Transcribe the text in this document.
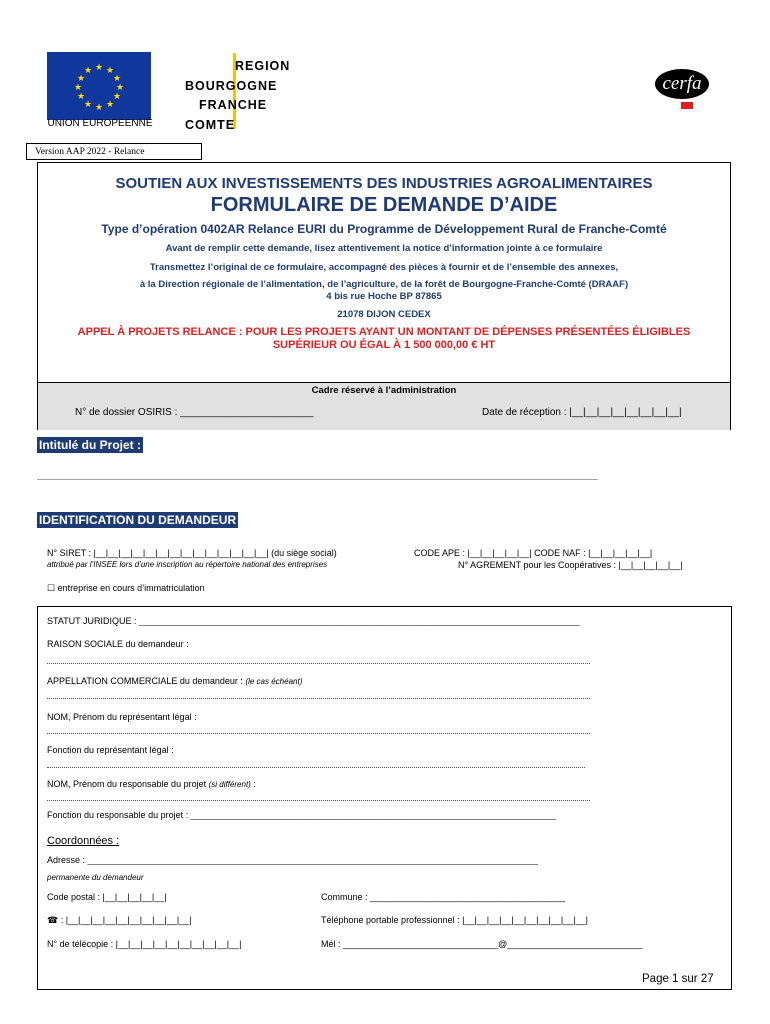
★ ★
★
★
★
★
★
★
★
★
★
★
UNION EUROPEENNE
REGION
BOURGOGNE
FRANCHE
COMTE
cerfa
Version AAP 2022 - Relance
SOUTIEN AUX INVESTISSEMENTS DES INDUSTRIES AGROALIMENTAIRES
FORMULAIRE DE DEMANDE D’AIDE
Type d’opération 0402AR Relance EURI du Programme de Développement Rural de Franche-Comté
Avant de remplir cette demande, lisez attentivement la notice d’information jointe à ce formulaire
Transmettez l’original de ce formulaire, accompagné des pièces à fournir et de l’ensemble des annexes,
à la Direction régionale de l’alimentation, de l’agriculture, de la forêt de Bourgogne-Franche-Comté (DRAAF)
4 bis rue Hoche BP 87865
21078 DIJON CEDEX
APPEL À PROJETS RELANCE : POUR LES PROJETS AYANT UN MONTANT DE DÉPENSES PRÉSENTÉES ÉLIGIBLES
SUPÉRIEUR OU ÉGAL À 1 500 000,00 € HT
Cadre réservé à l’administration
N° de dossier OSIRIS : ________________________	Date de réception : |__|__|__|__|__|__|__|__|
Intitulé du Projet :
________________________________________________________________________________________________________________
IDENTIFICATION DU DEMANDEUR
N° SIRET : |__|__|__|__|__|__|__|__|__|__|__|__|__|__| (du siège social)
attribué par l’INSEE lors d’une inscription au répertoire national des entreprises
CODE APE : |__|__|__|__|__| CODE NAF : |__|__|__|__|__|
N° AGREMENT pour les Coopératives : |__|__|__|__|__|
☐ entreprise en cours d’immatriculation
STATUT JURIDIQUE : ________________________________________________________________________________________
RAISON SOCIALE du demandeur :
APPELLATION COMMERCIALE du demandeur : (le cas échéant)
NOM, Prénom du représentant légal :
Fonction du représentant légal :
NOM, Prénom du responsable du projet (si différent) :
Fonction du responsable du projet : _________________________________________________________________________
Coordonnées :
Adresse : __________________________________________________________________________________________
permanente du demandeur
Code postal : |__|__|__|__|__|	Commune : _______________________________________
☎ : |__|__|__|__|__|__|__|__|__|__|	Téléphone portable professionnel : |__|__|__|__|__|__|__|__|__|__|
N° de télécopie : |__|__|__|__|__|__|__|__|__|__|	Mél : _______________________________@___________________________
Page 1 sur 27
